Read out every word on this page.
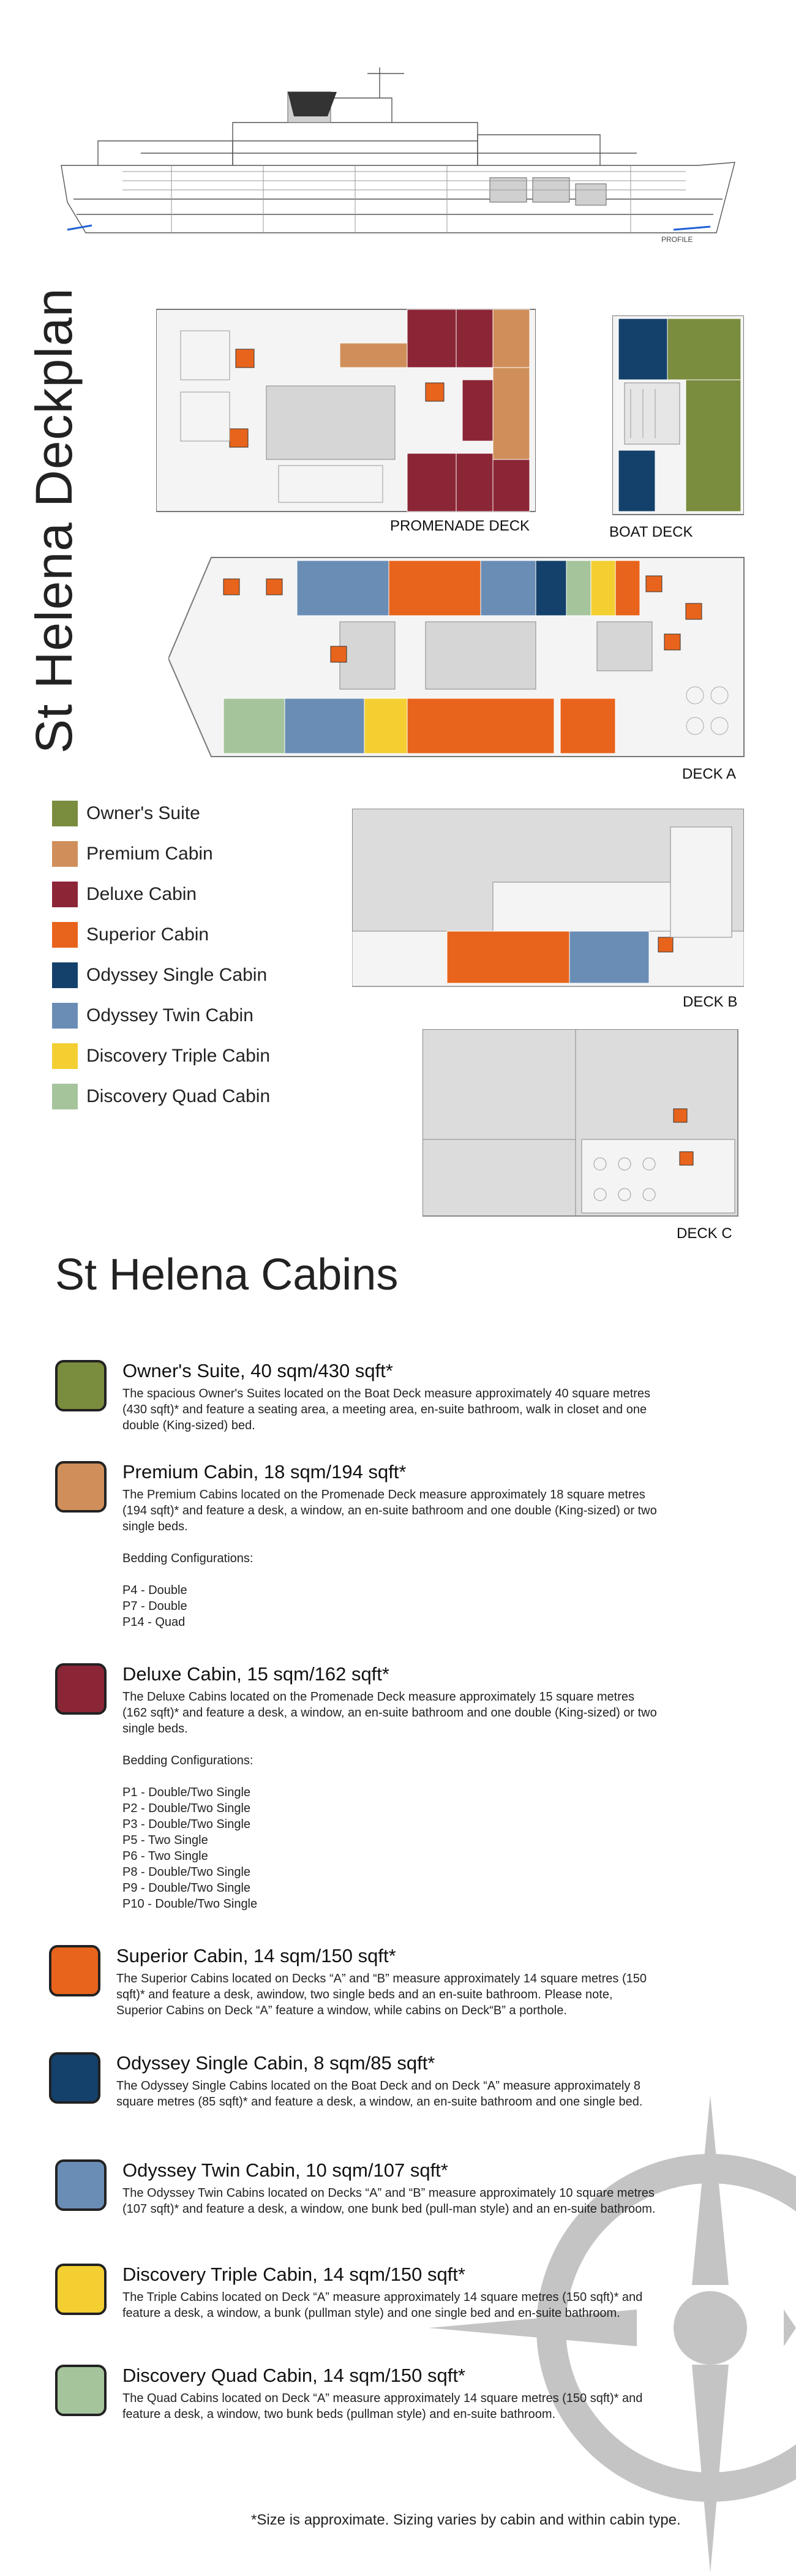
PROFILE
St Helena Deckplan	PROMENADE DECK	BOAT DECK
DECK A
DECK B
DECK C
Owner's Suite
Premium Cabin
Deluxe Cabin
Superior Cabin
Odyssey Single Cabin
Odyssey Twin Cabin
Discovery Triple Cabin
Discovery Quad Cabin
St Helena Cabins
Owner's Suite, 40 sqm/430 sqft*
The spacious Owner's Suites located on the Boat Deck measure approximately 40 square metres (430 sqft)* and feature a seating area, a meeting area, en-suite bathroom, walk in closet and one double (King-sized) bed.
Premium Cabin, 18 sqm/194 sqft*
The Premium Cabins located on the Promenade Deck measure approximately 18 square metres (194 sqft)* and feature a desk, a window, an en-suite bathroom and one double (King-sized) or two single beds.
Bedding Configurations:
P4 - Double
P7 - Double
P14 - Quad
Deluxe Cabin, 15 sqm/162 sqft*
The Deluxe Cabins located on the Promenade Deck measure approximately 15 square metres (162 sqft)* and feature a desk, a window, an en-suite bathroom and one double (King-sized) or two single beds.
Bedding Configurations:
P1 - Double/Two Single
P2 - Double/Two Single
P3 - Double/Two Single
P5 - Two Single
P6 - Two Single
P8 - Double/Two Single
P9 - Double/Two Single
P10 - Double/Two Single
Superior Cabin, 14 sqm/150 sqft*
The Superior Cabins located on Decks “A” and “B” measure approximately 14 square metres (150 sqft)* and feature a desk, awindow, two single beds and an en-suite bathroom. Please note, Superior Cabins on Deck “A” feature a window, while cabins on Deck“B” a porthole.
Odyssey Single Cabin, 8 sqm/85 sqft*
The Odyssey Single Cabins located on the Boat Deck and on Deck “A” measure approximately 8 square metres (85 sqft)* and feature a desk, a window, an en-suite bathroom and one single bed.
Odyssey Twin Cabin, 10 sqm/107 sqft*
The Odyssey Twin Cabins located on Decks “A” and “B” measure approximately 10 square metres (107 sqft)* and feature a desk, a window, one bunk bed (pull-man style) and an en-suite bathroom.
Discovery Triple Cabin, 14 sqm/150 sqft*
The Triple Cabins located on Deck “A” measure approximately 14 square metres (150 sqft)* and feature a desk, a window, a bunk (pullman style) and one single bed and en-suite bathroom.
Discovery Quad Cabin, 14 sqm/150 sqft*
The Quad Cabins located on Deck “A” measure approximately 14 square metres (150 sqft)* and feature a desk, a window, two bunk beds (pullman style) and en-suite bathroom.
*Size is approximate. Sizing varies by cabin and within cabin type.
